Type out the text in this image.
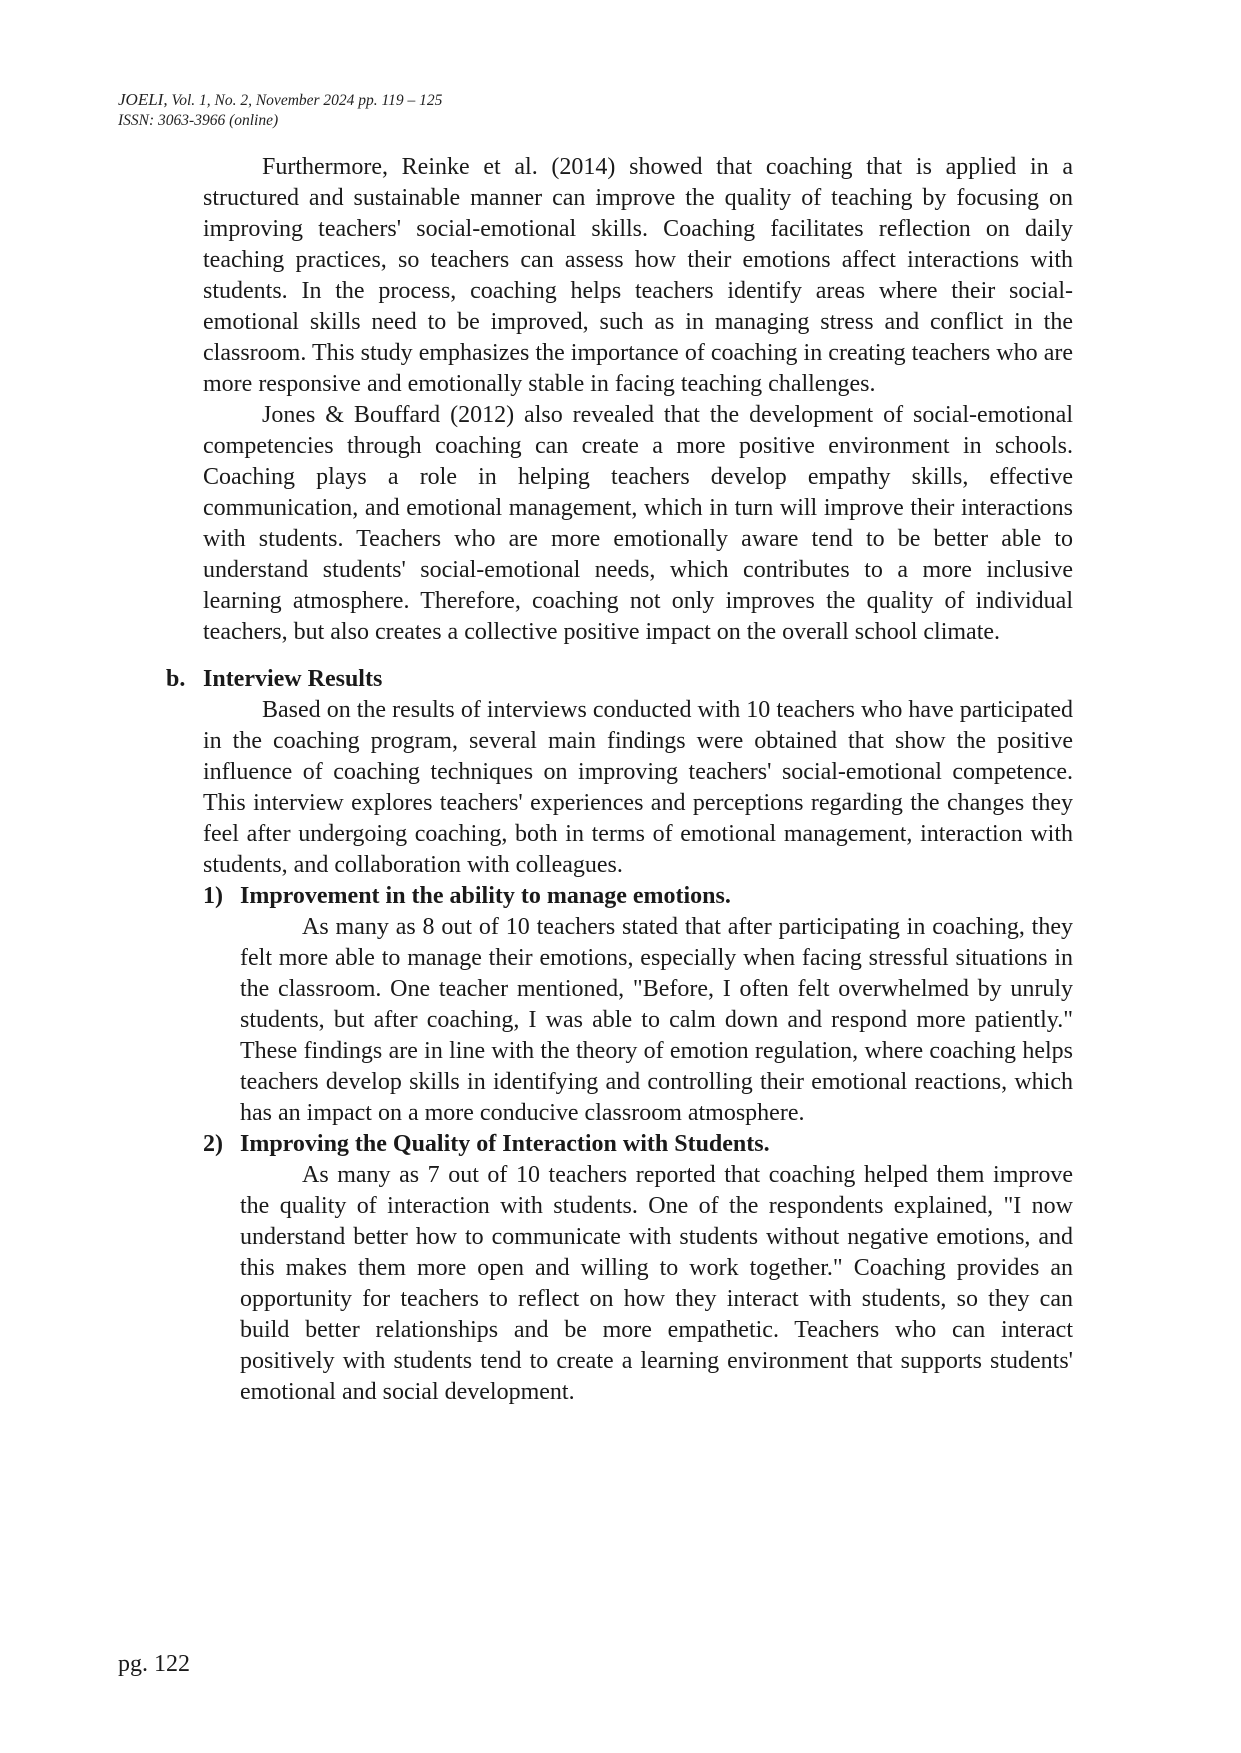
JOELI, Vol. 1, No. 2, November 2024 pp. 119 – 125
ISSN: 3063-3966 (online)

Furthermore, Reinke et al. (2014) showed that coaching that is applied in a structured and sustainable manner can improve the quality of teaching by focusing on improving teachers' social-emotional skills. Coaching facilitates reflection on daily teaching practices, so teachers can assess how their emotions affect interactions with students. In the process, coaching helps teachers identify areas where their social-emotional skills need to be improved, such as in managing stress and conflict in the classroom. This study emphasizes the importance of coaching in creating teachers who are more responsive and emotionally stable in facing teaching challenges.

Jones & Bouffard (2012) also revealed that the development of social-emotional competencies through coaching can create a more positive environment in schools. Coaching plays a role in helping teachers develop empathy skills, effective communication, and emotional management, which in turn will improve their interactions with students. Teachers who are more emotionally aware tend to be better able to understand students' social-emotional needs, which contributes to a more inclusive learning atmosphere. Therefore, coaching not only improves the quality of individual teachers, but also creates a collective positive impact on the overall school climate.

b. Interview Results

Based on the results of interviews conducted with 10 teachers who have participated in the coaching program, several main findings were obtained that show the positive influence of coaching techniques on improving teachers' social-emotional competence. This interview explores teachers' experiences and perceptions regarding the changes they feel after undergoing coaching, both in terms of emotional management, interaction with students, and collaboration with colleagues.

1) Improvement in the ability to manage emotions.

As many as 8 out of 10 teachers stated that after participating in coaching, they felt more able to manage their emotions, especially when facing stressful situations in the classroom. One teacher mentioned, "Before, I often felt overwhelmed by unruly students, but after coaching, I was able to calm down and respond more patiently." These findings are in line with the theory of emotion regulation, where coaching helps teachers develop skills in identifying and controlling their emotional reactions, which has an impact on a more conducive classroom atmosphere.

2) Improving the Quality of Interaction with Students.

As many as 7 out of 10 teachers reported that coaching helped them improve the quality of interaction with students. One of the respondents explained, "I now understand better how to communicate with students without negative emotions, and this makes them more open and willing to work together." Coaching provides an opportunity for teachers to reflect on how they interact with students, so they can build better relationships and be more empathetic. Teachers who can interact positively with students tend to create a learning environment that supports students' emotional and social development.

pg. 122
